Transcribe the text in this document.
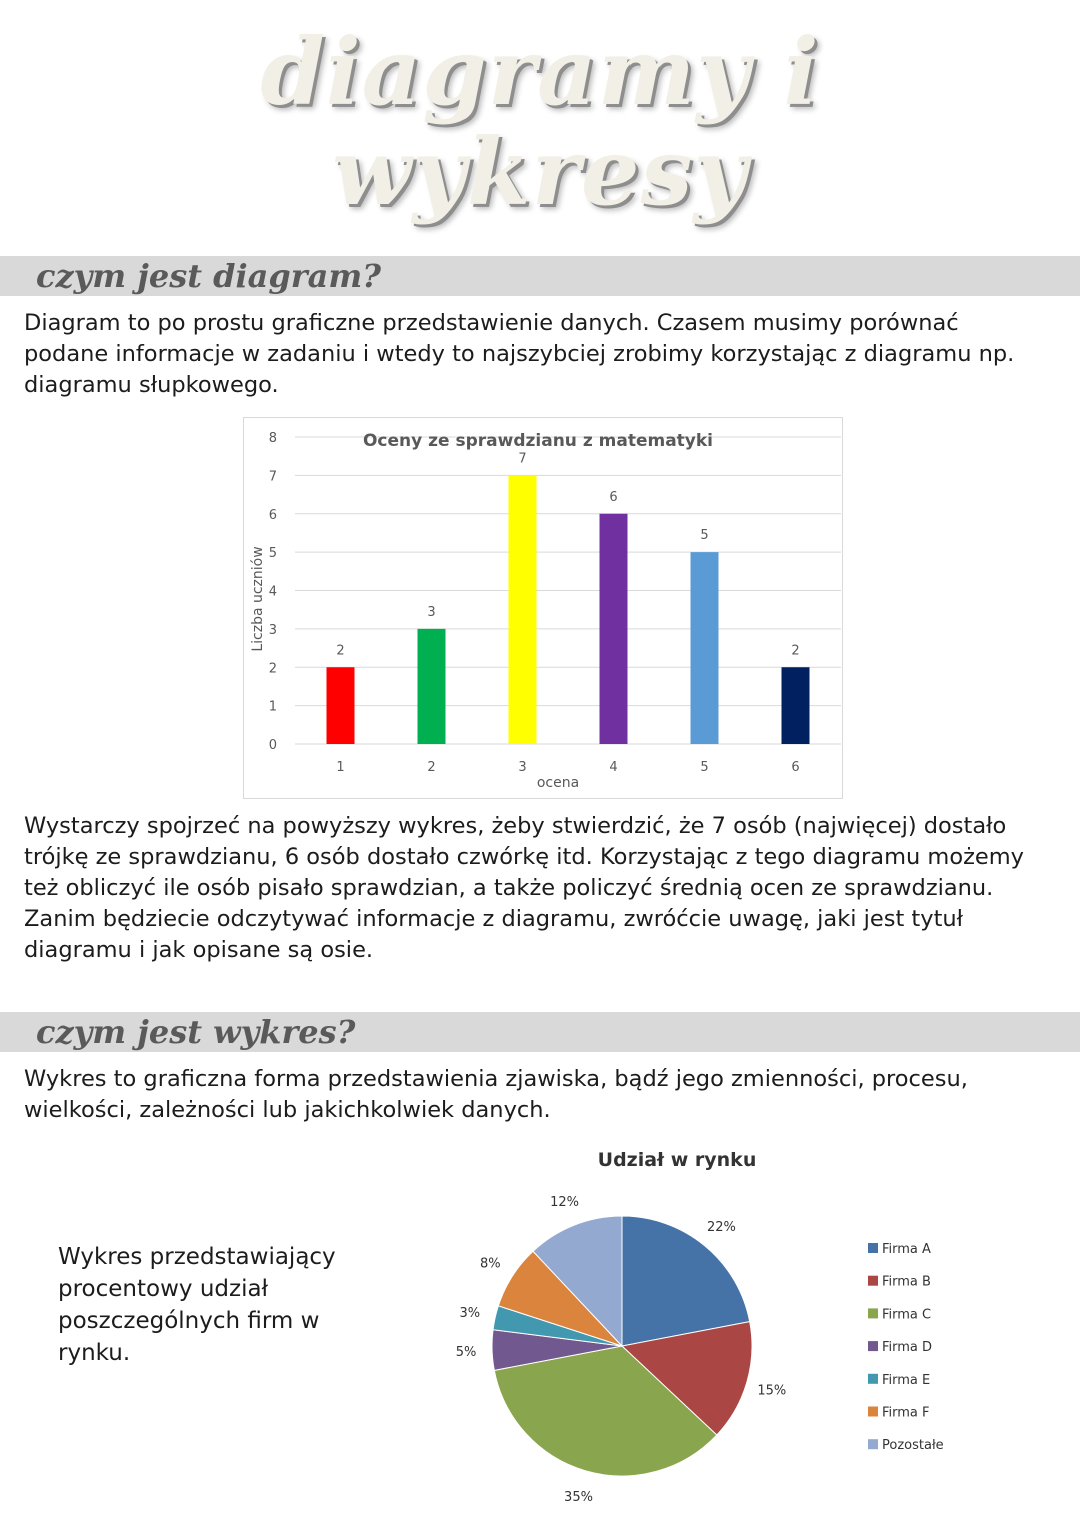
diagramy i
wykresy
czym jest diagram?

Diagram to po prostu graficzne przedstawienie danych. Czasem musimy porównać podane informacje w zadaniu i wtedy to najszybciej zrobimy korzystając z diagramu np. diagramu słupkowego.

0
1
2
3
4
5
6
7
8
2
3
7
6
5
2
1	2	3	4	5	6
Oceny ze sprawdzianu z matematyki
ocena
Liczba uczniów

Wystarczy spojrzeć na powyższy wykres, żeby stwierdzić, że 7 osób (najwięcej) dostało trójkę ze sprawdzianu, 6 osób dostało czwórkę itd. Korzystając z tego diagramu możemy też obliczyć ile osób pisało sprawdzian, a także policzyć średnią ocen ze sprawdzianu. Zanim będziecie odczytywać informacje z diagramu, zwróćcie uwagę, jaki jest tytuł diagramu i jak opisane są osie.

czym jest wykres?

Wykres to graficzna forma przedstawienia zjawiska, bądź jego zmienności, procesu, wielkości, zależności lub jakichkolwiek danych.

Wykres przedstawiający procentowy udział poszczególnych firm w rynku.

Udział w rynku
22%
15%
35%
5%
3%
8%
12%
Firma A
Firma B
Firma C
Firma D
Firma E
Firma F
Pozostałe
